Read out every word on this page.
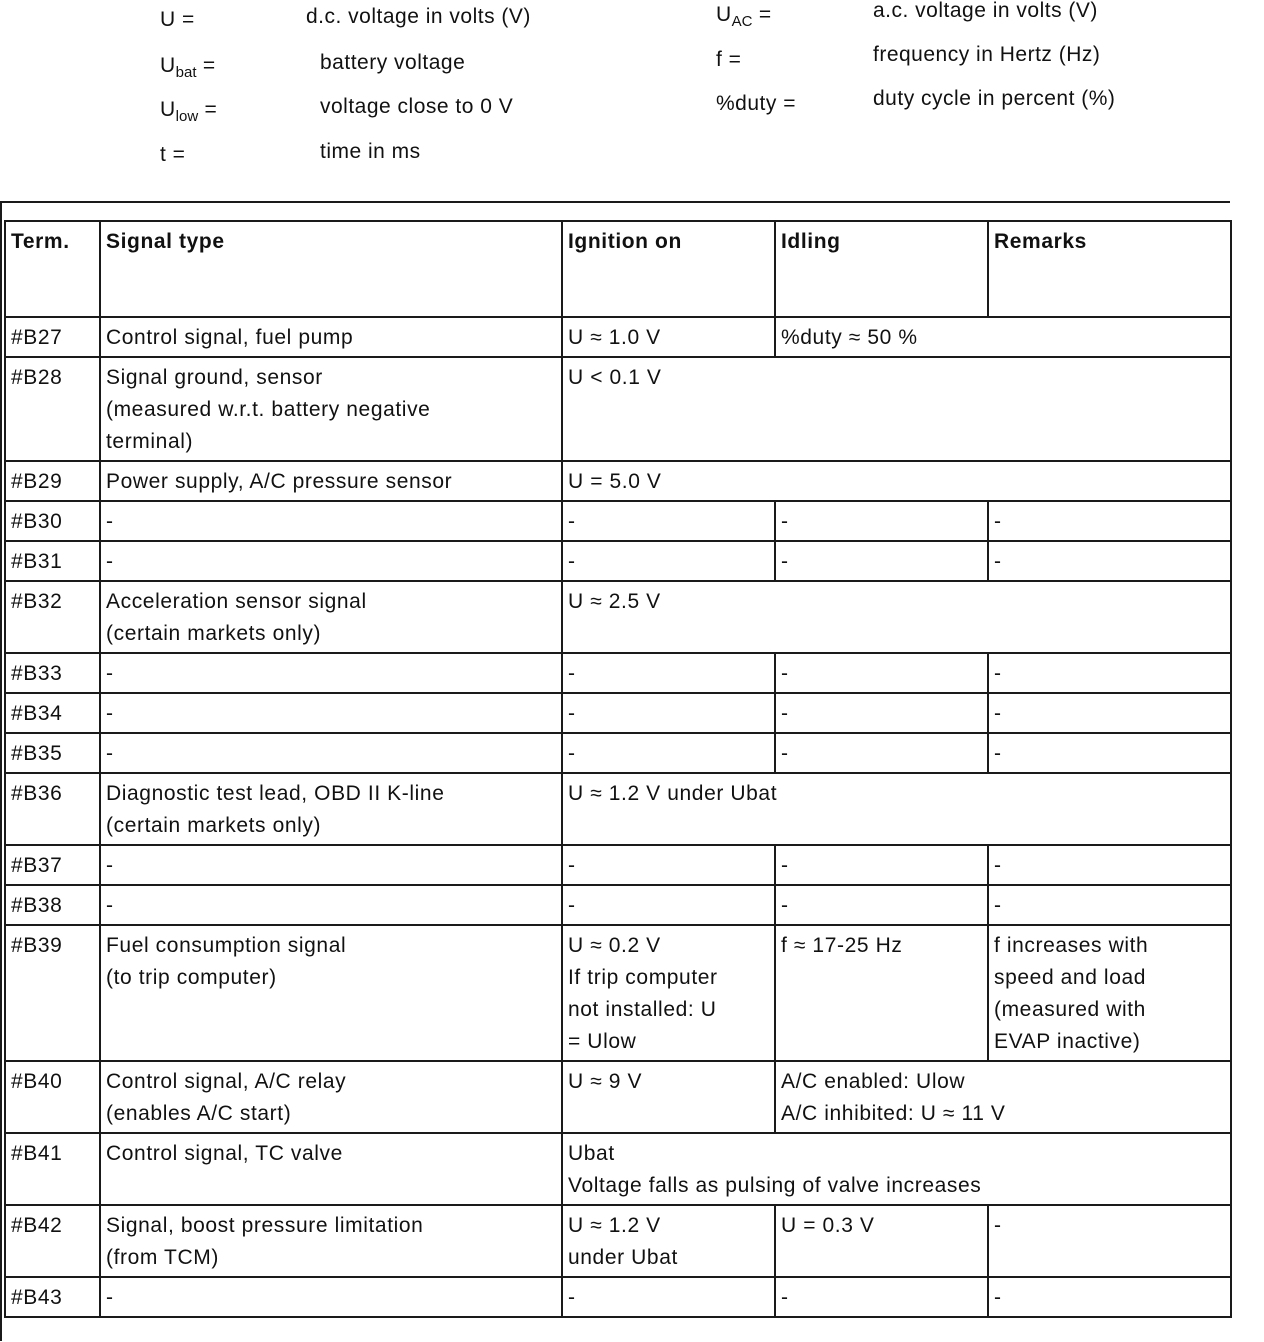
U =	d.c. voltage in volts (V)
$U_{bat}$ =	battery voltage
$U_{low}$ =	voltage close to 0 V
t =	time in ms
$U_{AC}$ =	a.c. voltage in volts (V)
f =	frequency in Hertz (Hz)
%duty =	duty cycle in percent (%)
Term.	Signal type	Ignition on	Idling	Remarks
#B27	Control signal, fuel pump	U ≈ 1.0 V	%duty ≈ 50 %	

#B28	Signal ground, sensor
(measured w.r.t. battery negative
terminal)	U < 0.1 V		

#B29	Power supply, A/C pressure sensor	U = 5.0 V		

#B30	-	-	-	-

#B31	-	-	-	-

#B32	Acceleration sensor signal
(certain markets only)	U ≈ 2.5 V		

#B33	-	-	-	-

#B34	-	-	-	-

#B35	-	-	-	-

#B36	Diagnostic test lead, OBD II K-line
(certain markets only)	U ≈ 1.2 V under Ubat		

#B37	-	-	-	-

#B38	-	-	-	-

#B39	Fuel consumption signal
(to trip computer)	U ≈ 0.2 V
If trip computer
not installed: U
= Ulow	f ≈ 17-25 Hz	f increases with
speed and load
(measured with
EVAP inactive)

#B40	Control signal, A/C relay
(enables A/C start)	U ≈ 9 V	A/C enabled: Ulow
A/C inhibited: U ≈ 11 V	

#B41	Control signal, TC valve	Ubat
Voltage falls as pulsing of valve increases		

#B42	Signal, boost pressure limitation
(from TCM)	U ≈ 1.2 V
under Ubat	U = 0.3 V	-

#B43	-	-	-	-
